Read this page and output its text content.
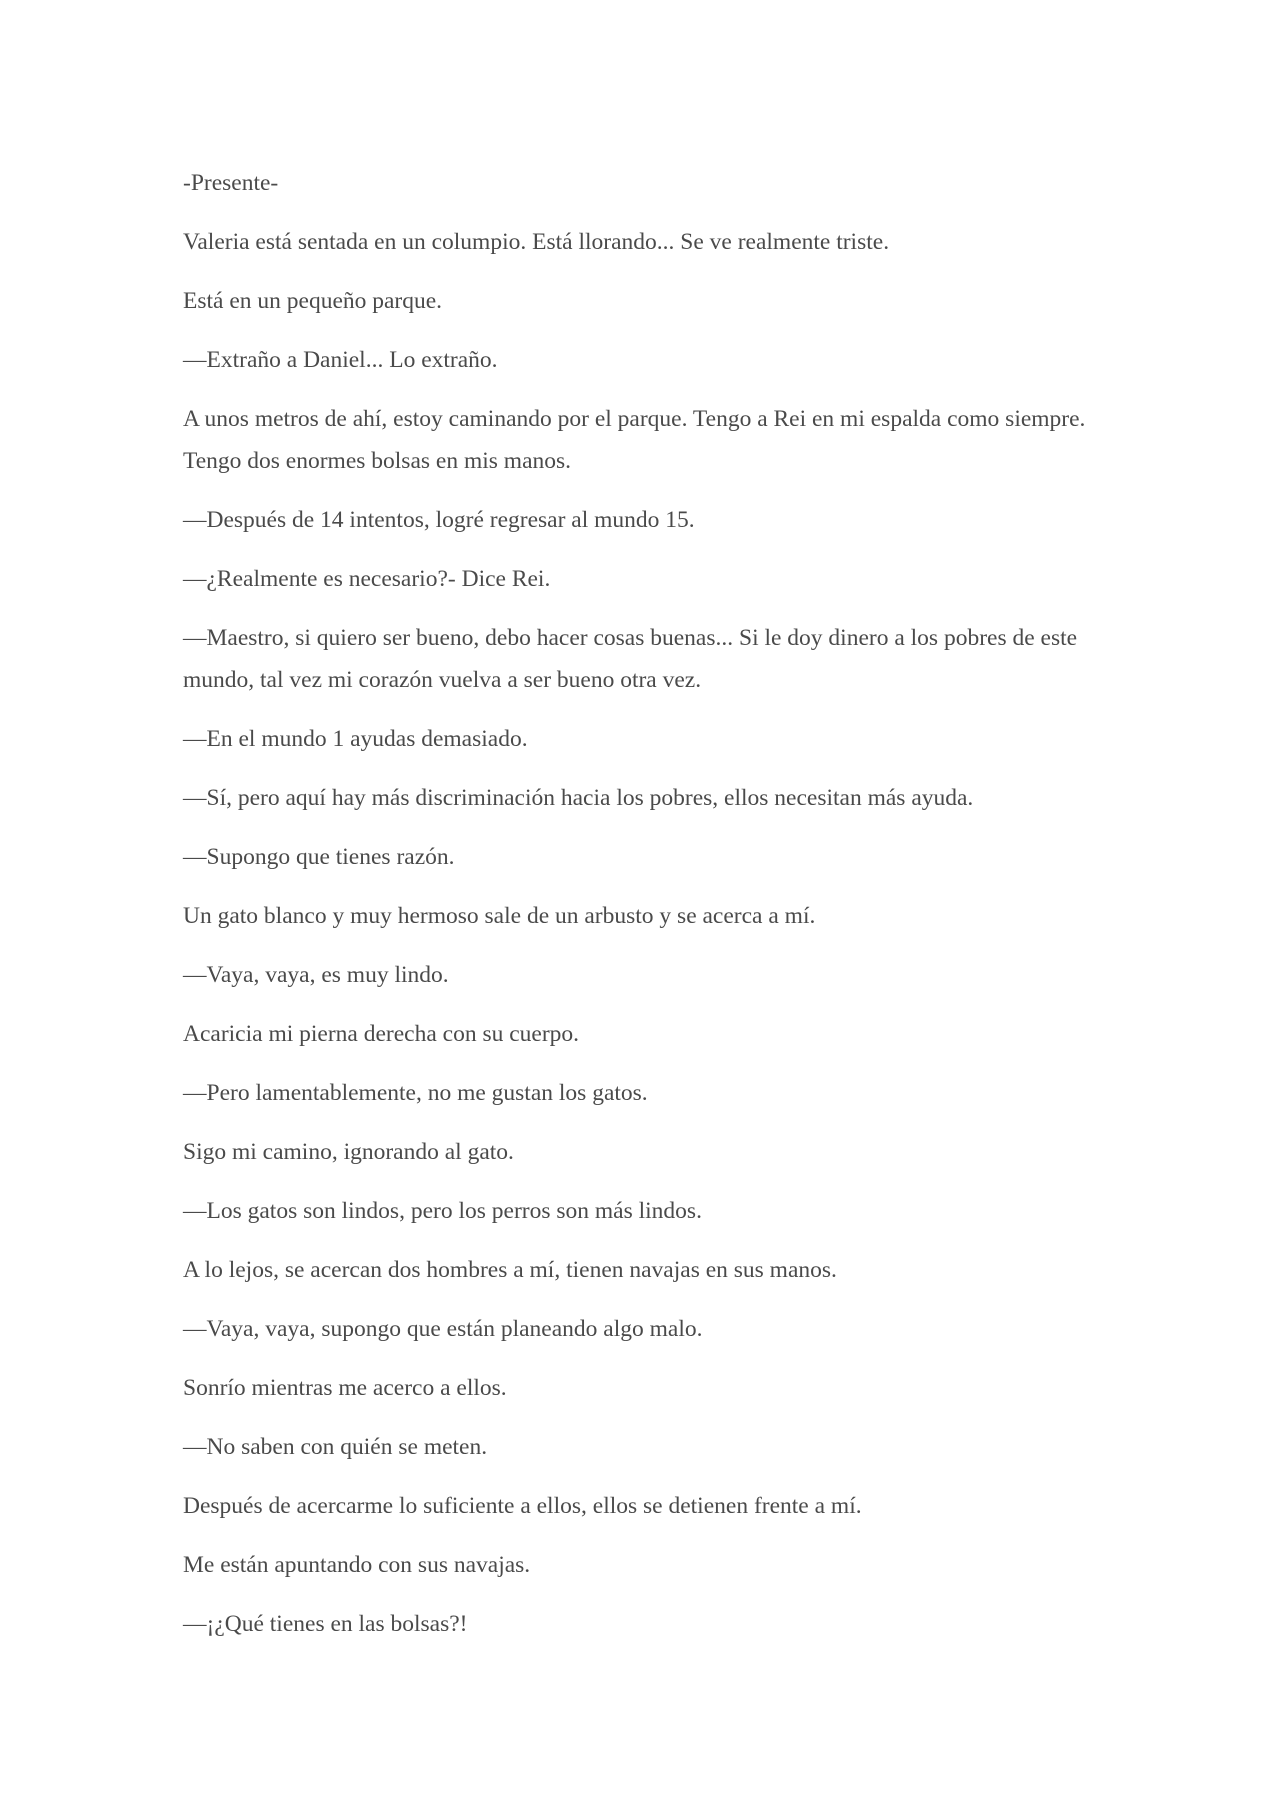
-Presente-

Valeria está sentada en un columpio. Está llorando... Se ve realmente triste.

Está en un pequeño parque.

—Extraño a Daniel... Lo extraño.

A unos metros de ahí, estoy caminando por el parque. Tengo a Rei en mi espalda como siempre. Tengo dos enormes bolsas en mis manos.

—Después de 14 intentos, logré regresar al mundo 15.

—¿Realmente es necesario?- Dice Rei.

—Maestro, si quiero ser bueno, debo hacer cosas buenas... Si le doy dinero a los pobres de este mundo, tal vez mi corazón vuelva a ser bueno otra vez.

—En el mundo 1 ayudas demasiado.

—Sí, pero aquí hay más discriminación hacia los pobres, ellos necesitan más ayuda.

—Supongo que tienes razón.

Un gato blanco y muy hermoso sale de un arbusto y se acerca a mí.

—Vaya, vaya, es muy lindo.

Acaricia mi pierna derecha con su cuerpo.

—Pero lamentablemente, no me gustan los gatos.

Sigo mi camino, ignorando al gato.

—Los gatos son lindos, pero los perros son más lindos.

A lo lejos, se acercan dos hombres a mí, tienen navajas en sus manos.

—Vaya, vaya, supongo que están planeando algo malo.

Sonrío mientras me acerco a ellos.

—No saben con quién se meten.

Después de acercarme lo suficiente a ellos, ellos se detienen frente a mí.

Me están apuntando con sus navajas.

—¡¿Qué tienes en las bolsas?!
